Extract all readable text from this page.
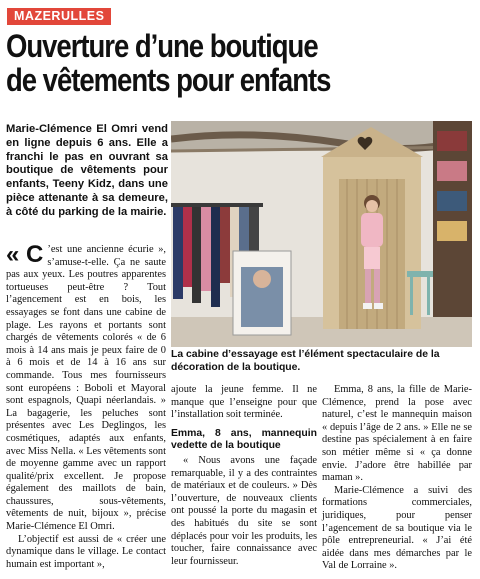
MAZERULLES
Ouverture d’une boutique
de vêtements pour enfants
Marie-Clémence El Omri vend en ligne depuis 6 ans. Elle a franchi le pas en ouvrant sa boutique de vêtements pour enfants, Teeny Kidz, dans une pièce attenante à sa demeure, à côté du parking de la mairie.

« C ’est une ancienne écurie », s’amuse-t-elle. Ça ne saute pas aux yeux. Les poutres apparentes tortueuses peut-être ? Tout l’agencement est en bois, les essayages se font dans une cabine de plage. Les rayons et portants sont chargés de vêtements colorés « de 6 mois à 14 ans mais je peux faire de 0 à 6 mois et de 14 à 16 ans sur commande. Tous mes fournisseurs sont européens : Boboli et Mayoral sont espagnols, Quapi néerlandais. » La bagagerie, les peluches sont présentes avec Les Deglingos, les cosmétiques, adaptés aux enfants, avec Miss Nella. « Les vêtements sont de moyenne gamme avec un rapport qualité/prix excellent. Je propose également des maillots de bain, chaussures, sous-vêtements, vêtements de nuit, bijoux », précise Marie-Clémence El Omri.

L’objectif est aussi de « créer une dynamique dans le village. Le contact humain est important »,

La cabine d’essayage est l’élément spectaculaire de la décoration de la boutique.

ajoute la jeune femme. Il ne manque que l’enseigne pour que l’installation soit terminée.

Emma, 8 ans, mannequin vedette de la boutique

« Nous avons une façade remarquable, il y a des contraintes de matériaux et de couleurs. » Dès l’ouverture, de nouveaux clients ont poussé la porte du magasin et des habitués du site se sont déplacés pour voir les produits, les toucher, faire connaissance avec leur fournisseur.

Emma, 8 ans, la fille de Marie-Clémence, prend la pose avec naturel, c’est le mannequin maison « depuis l’âge de 2 ans. » Elle ne se destine pas spécialement à en faire son métier même si « ça donne envie. J’adore être habillée par maman ».

Marie-Clémence a suivi des formations commerciales, juridiques, pour penser l’agencement de sa boutique via le pôle entrepreneurial. « J’ai été aidée dans mes démarches par le Val de Lorraine ».
